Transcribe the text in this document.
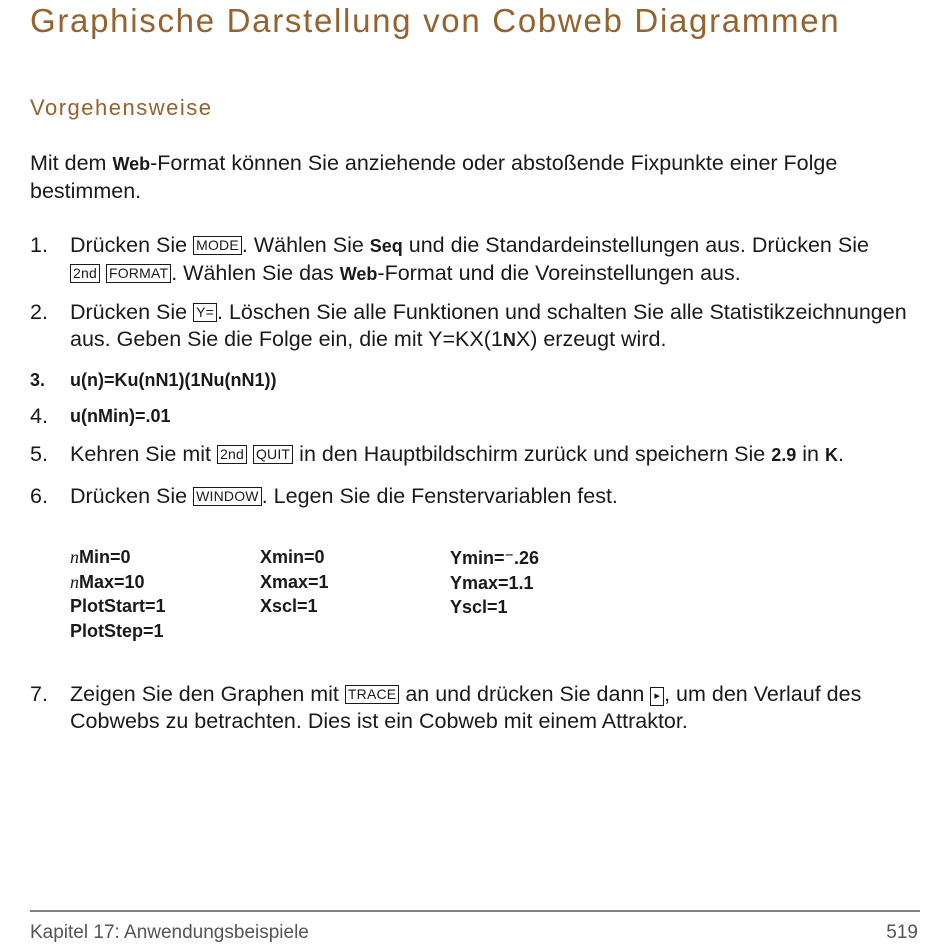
Graphische Darstellung von Cobweb Diagrammen
Vorgehensweise
Mit dem Web-Format können Sie anziehende oder abstoßende Fixpunkte einer Folge bestimmen.
1. Drücken Sie MODE . Wählen Sie Seq und die Standardeinstellungen aus. Drücken Sie
2nd FORMAT . Wählen Sie das Web-Format und die Voreinstellungen aus.
2. Drücken Sie Y= . Löschen Sie alle Funktionen und schalten Sie alle Statistikzeichnungen aus. Geben Sie die Folge ein, die mit Y=KX(1NX) erzeugt wird.
3. u(n)=Ku(nN1)(1Nu(nN1))
4. u(nMin)=.01
5. Kehren Sie mit 2nd QUIT in den Hauptbildschirm zurück und speichern Sie 2.9 in K.
6. Drücken Sie WINDOW . Legen Sie die Fenstervariablen fest.
nMin=0
nMax=10
PlotStart=1
PlotStep=1
Xmin=0
Xmax=1
Xscl=1
Ymin=⁻.26
Ymax=1.1
Yscl=1
7. Zeigen Sie den Graphen mit TRACE an und drücken Sie dann ▸ , um den Verlauf des Cobwebs zu betrachten. Dies ist ein Cobweb mit einem Attraktor.
Kapitel 17: Anwendungsbeispiele	519
